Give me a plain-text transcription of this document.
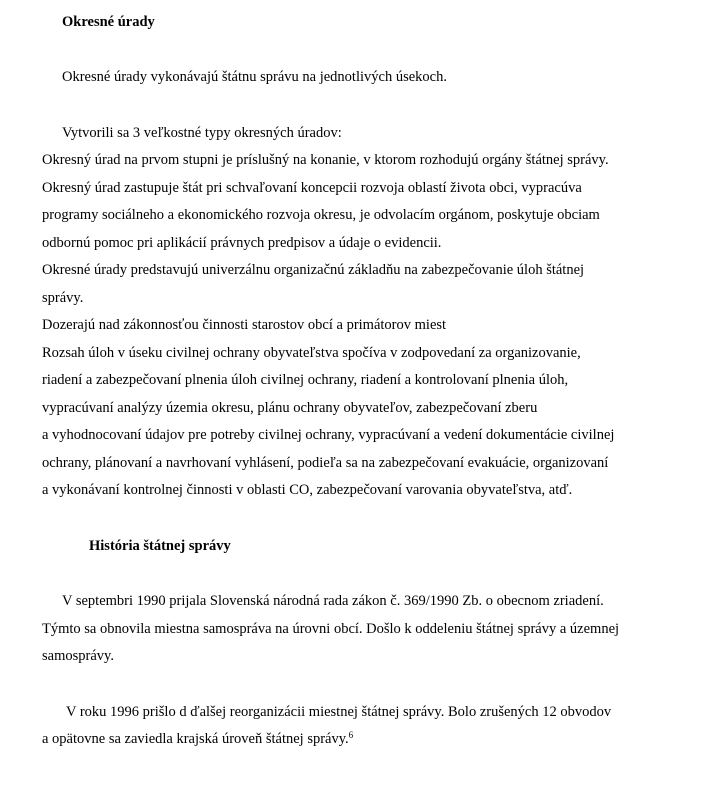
Okresné úrady

Okresné úrady vykonávajú štátnu správu na jednotlivých úsekoch.

Vytvorili sa 3 veľkostné typy okresných úradov:

Okresný úrad na prvom stupni je príslušný na konanie, v ktorom rozhodujú orgány štátnej správy.

Okresný úrad zastupuje štát pri schvaľovaní koncepcii rozvoja oblastí života obci, vypracúva

programy sociálneho a ekonomického rozvoja okresu, je odvolacím orgánom, poskytuje obciam

odbornú pomoc pri aplikácií právnych predpisov a údaje o evidencii.

Okresné úrady predstavujú univerzálnu organizačnú základňu na zabezpečovanie úloh štátnej

správy.

Dozerajú nad zákonnosťou činnosti starostov obcí a primátorov miest

Rozsah úloh v úseku civilnej ochrany obyvateľstva spočíva v zodpovedaní za organizovanie,

riadení a zabezpečovaní plnenia úloh civilnej ochrany, riadení a kontrolovaní plnenia úloh,

vypracúvaní analýzy územia okresu, plánu ochrany obyvateľov, zabezpečovaní zberu

a vyhodnocovaní údajov pre potreby civilnej ochrany, vypracúvaní a vedení dokumentácie civilnej

ochrany, plánovaní a navrhovaní vyhlásení, podieľa sa na zabezpečovaní evakuácie, organizovaní

a vykonávaní kontrolnej činnosti v oblasti CO, zabezpečovaní varovania obyvateľstva, atď.

História štátnej správy

V septembri 1990 prijala Slovenská národná rada zákon č. 369/1990 Zb. o obecnom zriadení.

Týmto sa obnovila miestna samospráva na úrovni obcí. Došlo k oddeleniu štátnej správy a územnej

samosprávy.

V roku 1996 prišlo d ďalšej reorganizácii miestnej štátnej správy. Bolo zrušených 12 obvodov

a opätovne sa zaviedla krajská úroveň štátnej správy.$^6$
